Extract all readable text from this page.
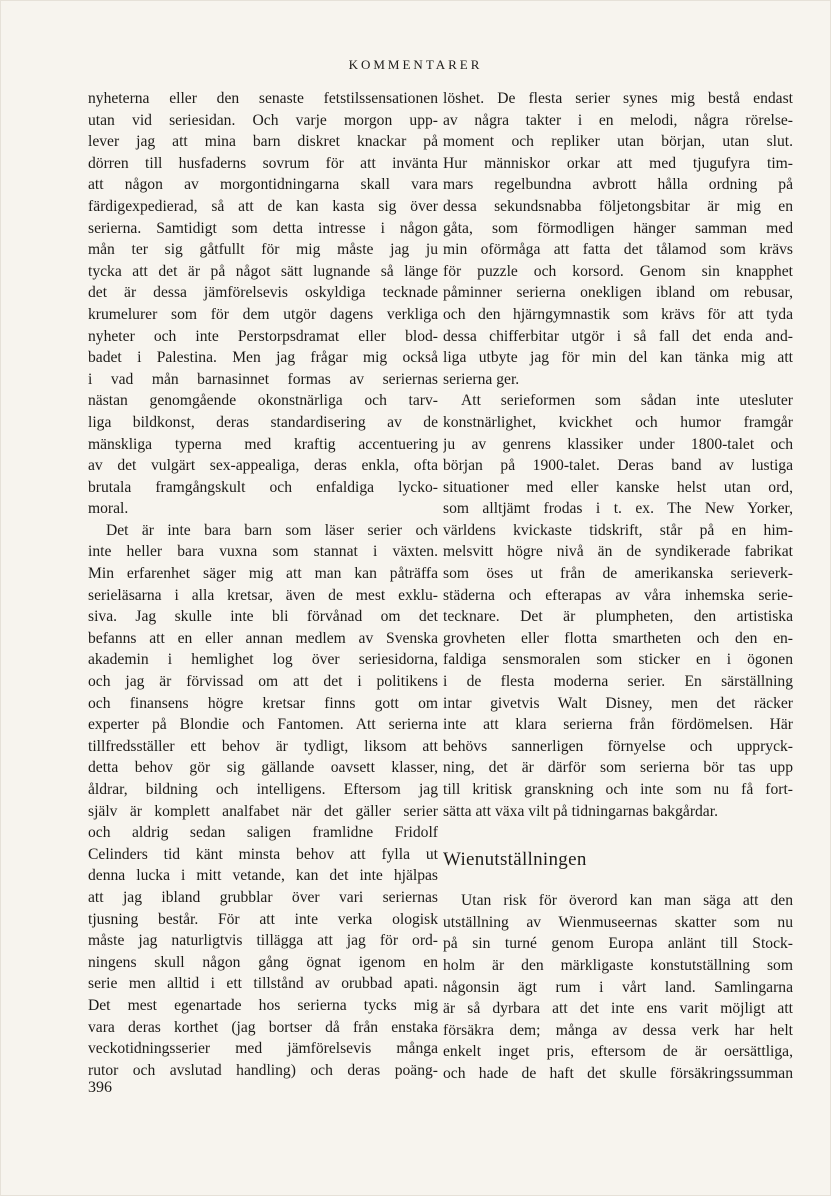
KOMMENTARER
nyheterna eller den senaste fetstilssensationen
utan vid seriesidan. Och varje morgon upp-
lever jag att mina barn diskret knackar på
dörren till husfaderns sovrum för att invänta
att någon av morgontidningarna skall vara
färdigexpedierad, så att de kan kasta sig över
serierna. Samtidigt som detta intresse i någon
mån ter sig gåtfullt för mig måste jag ju
tycka att det är på något sätt lugnande så länge
det är dessa jämförelsevis oskyldiga tecknade
krumelurer som för dem utgör dagens verkliga
nyheter och inte Perstorpsdramat eller blod-
badet i Palestina. Men jag frågar mig också
i vad mån barnasinnet formas av seriernas
nästan genomgående okonstnärliga och tarv-
liga bildkonst, deras standardisering av de
mänskliga typerna med kraftig accentuering
av det vulgärt sex-appealiga, deras enkla, ofta
brutala framgångskult och enfaldiga lycko-
moral.
Det är inte bara barn som läser serier och
inte heller bara vuxna som stannat i växten.
Min erfarenhet säger mig att man kan påträffa
serieläsarna i alla kretsar, även de mest exklu-
siva. Jag skulle inte bli förvånad om det
befanns att en eller annan medlem av Svenska
akademin i hemlighet log över seriesidorna,
och jag är förvissad om att det i politikens
och finansens högre kretsar finns gott om
experter på Blondie och Fantomen. Att serierna
tillfredsställer ett behov är tydligt, liksom att
detta behov gör sig gällande oavsett klasser,
åldrar, bildning och intelligens. Eftersom jag
själv är komplett analfabet när det gäller serier
och aldrig sedan saligen framlidne Fridolf
Celinders tid känt minsta behov att fylla ut
denna lucka i mitt vetande, kan det inte hjälpas
att jag ibland grubblar över vari seriernas
tjusning består. För att inte verka ologisk
måste jag naturligtvis tillägga att jag för ord-
ningens skull någon gång ögnat igenom en
serie men alltid i ett tillstånd av orubbad apati.
Det mest egenartade hos serierna tycks mig
vara deras korthet (jag bortser då från enstaka
veckotidningsserier med jämförelsevis många
rutor och avslutad handling) och deras poäng-
löshet. De flesta serier synes mig bestå endast
av några takter i en melodi, några rörelse-
moment och repliker utan början, utan slut.
Hur människor orkar att med tjugufyra tim-
mars regelbundna avbrott hålla ordning på
dessa sekundsnabba följetongsbitar är mig en
gåta, som förmodligen hänger samman med
min oförmåga att fatta det tålamod som krävs
för puzzle och korsord. Genom sin knapphet
påminner serierna onekligen ibland om rebusar,
och den hjärngymnastik som krävs för att tyda
dessa chifferbitar utgör i så fall det enda and-
liga utbyte jag för min del kan tänka mig att
serierna ger.
Att serieformen som sådan inte utesluter
konstnärlighet, kvickhet och humor framgår
ju av genrens klassiker under 1800-talet och
början på 1900-talet. Deras band av lustiga
situationer med eller kanske helst utan ord,
som alltjämt frodas i t. ex. The New Yorker,
världens kvickaste tidskrift, står på en him-
melsvitt högre nivå än de syndikerade fabrikat
som öses ut från de amerikanska serieverk-
städerna och efterapas av våra inhemska serie-
tecknare. Det är plumpheten, den artistiska
grovheten eller flotta smartheten och den en-
faldiga sensmoralen som sticker en i ögonen
i de flesta moderna serier. En särställning
intar givetvis Walt Disney, men det räcker
inte att klara serierna från fördömelsen. Här
behövs sannerligen förnyelse och uppryck-
ning, det är därför som serierna bör tas upp
till kritisk granskning och inte som nu få fort-
sätta att växa vilt på tidningarnas bakgårdar.
Wienutställningen
Utan risk för överord kan man säga att den
utställning av Wienmuseernas skatter som nu
på sin turné genom Europa anlänt till Stock-
holm är den märkligaste konstutställning som
någonsin ägt rum i vårt land. Samlingarna
är så dyrbara att det inte ens varit möjligt att
försäkra dem; många av dessa verk har helt
enkelt inget pris, eftersom de är oersättliga,
och hade de haft det skulle försäkringssumman
396
